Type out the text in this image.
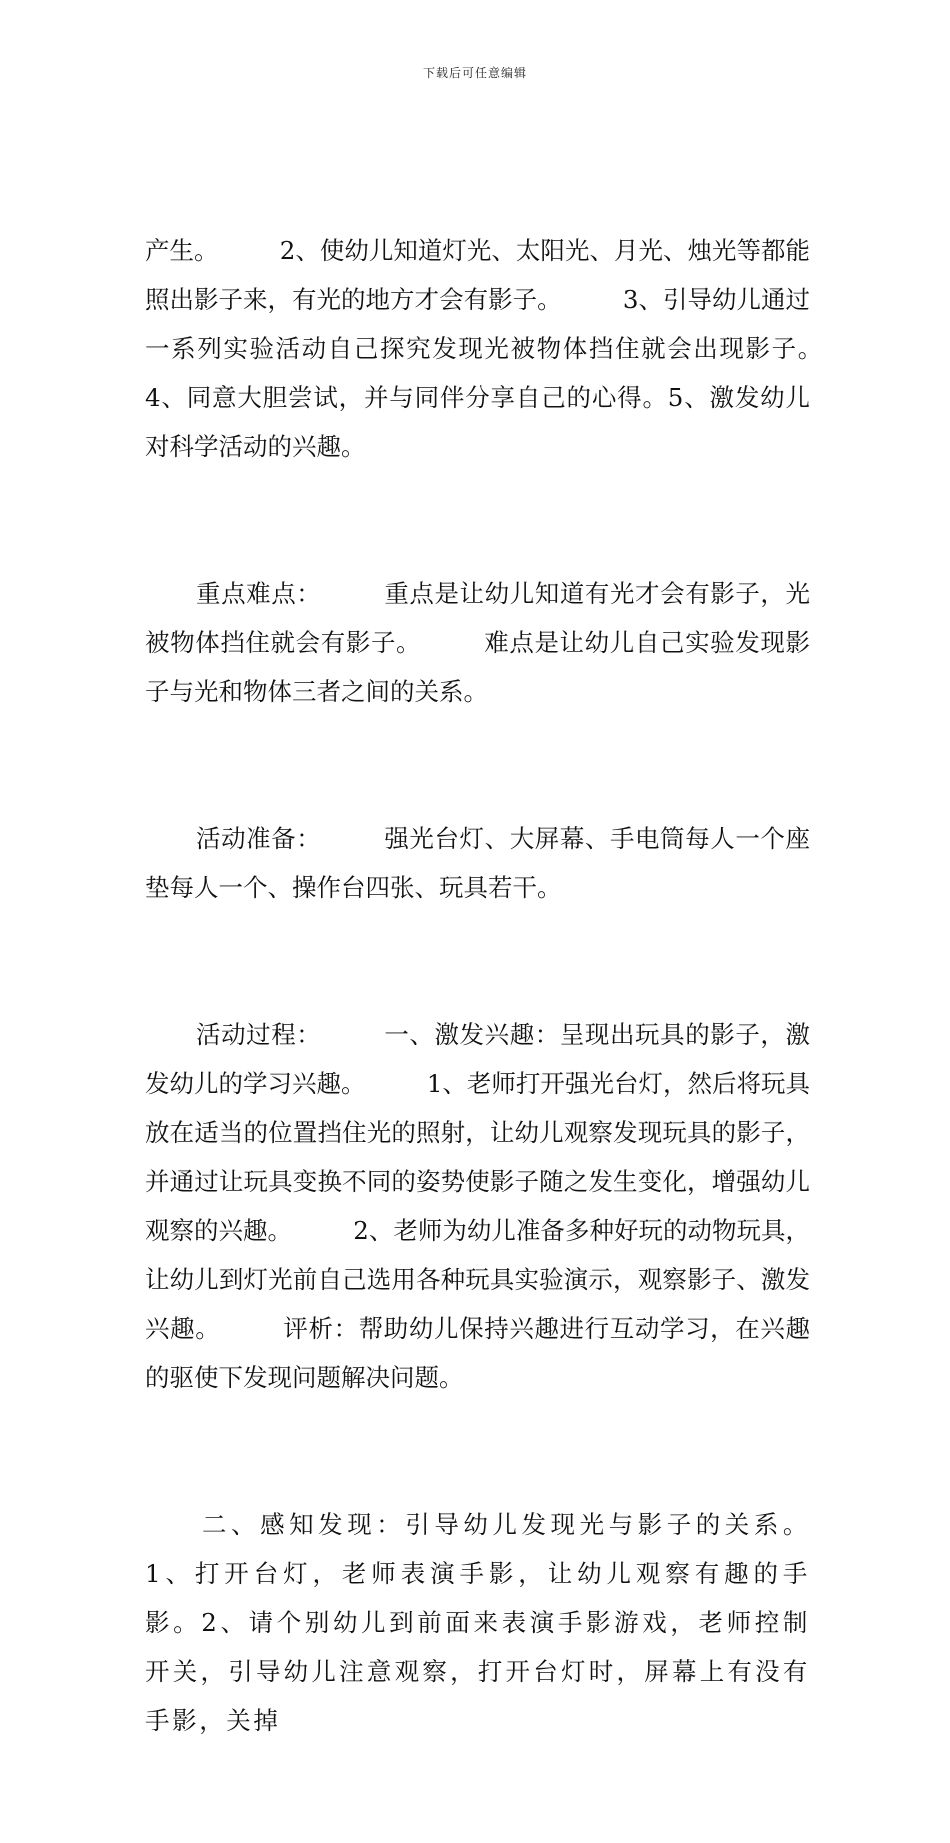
下载后可任意编辑

产生。　　　2、使幼儿知道灯光、太阳光、月光、烛光等都能照出影子来，有光的地方才会有影子。　　　3、引导幼儿通过一系列实验活动自己探究发现光被物体挡住就会出现影子。　　　4、同意大胆尝试，并与同伴分享自己的心得。5、激发幼儿对科学活动的兴趣。

重点难点：　　　重点是让幼儿知道有光才会有影子，光被物体挡住就会有影子。　　　难点是让幼儿自己实验发现影子与光和物体三者之间的关系。

活动准备：　　　强光台灯、大屏幕、手电筒每人一个座垫每人一个、操作台四张、玩具若干。

活动过程：　　　一、激发兴趣：呈现出玩具的影子，激发幼儿的学习兴趣。　　　1、老师打开强光台灯，然后将玩具放在适当的位置挡住光的照射，让幼儿观察发现玩具的影子，并通过让玩具变换不同的姿势使影子随之发生变化，增强幼儿观察的兴趣。　　　2、老师为幼儿准备多种好玩的动物玩具，让幼儿到灯光前自己选用各种玩具实验演示，观察影子、激发兴趣。　　　评析：帮助幼儿保持兴趣进行互动学习，在兴趣的驱使下发现问题解决问题。

二、感知发现：引导幼儿发现光与影子的关系。1、打开台灯，老师表演手影，让幼儿观察有趣的手影。2、请个别幼儿到前面来表演手影游戏，老师控制开关，引导幼儿注意观察，打开台灯时，屏幕上有没有手影，关掉
